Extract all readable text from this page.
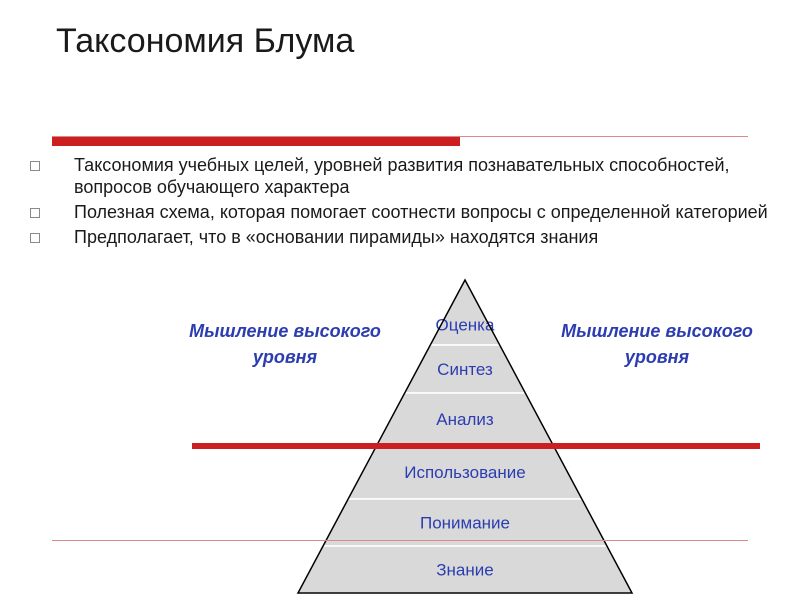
Таксономия Блума
Таксономия учебных целей, уровней развития познавательных способностей, вопросов обучающего характера
Полезная схема, которая помогает соотнести вопросы с определенной категорией
Предполагает, что в «основании пирамиды» находятся знания
Оценка
Синтез
Анализ
Использование
Понимание
Знание
Мышление высокого уровня
Мышление высокого уровня
